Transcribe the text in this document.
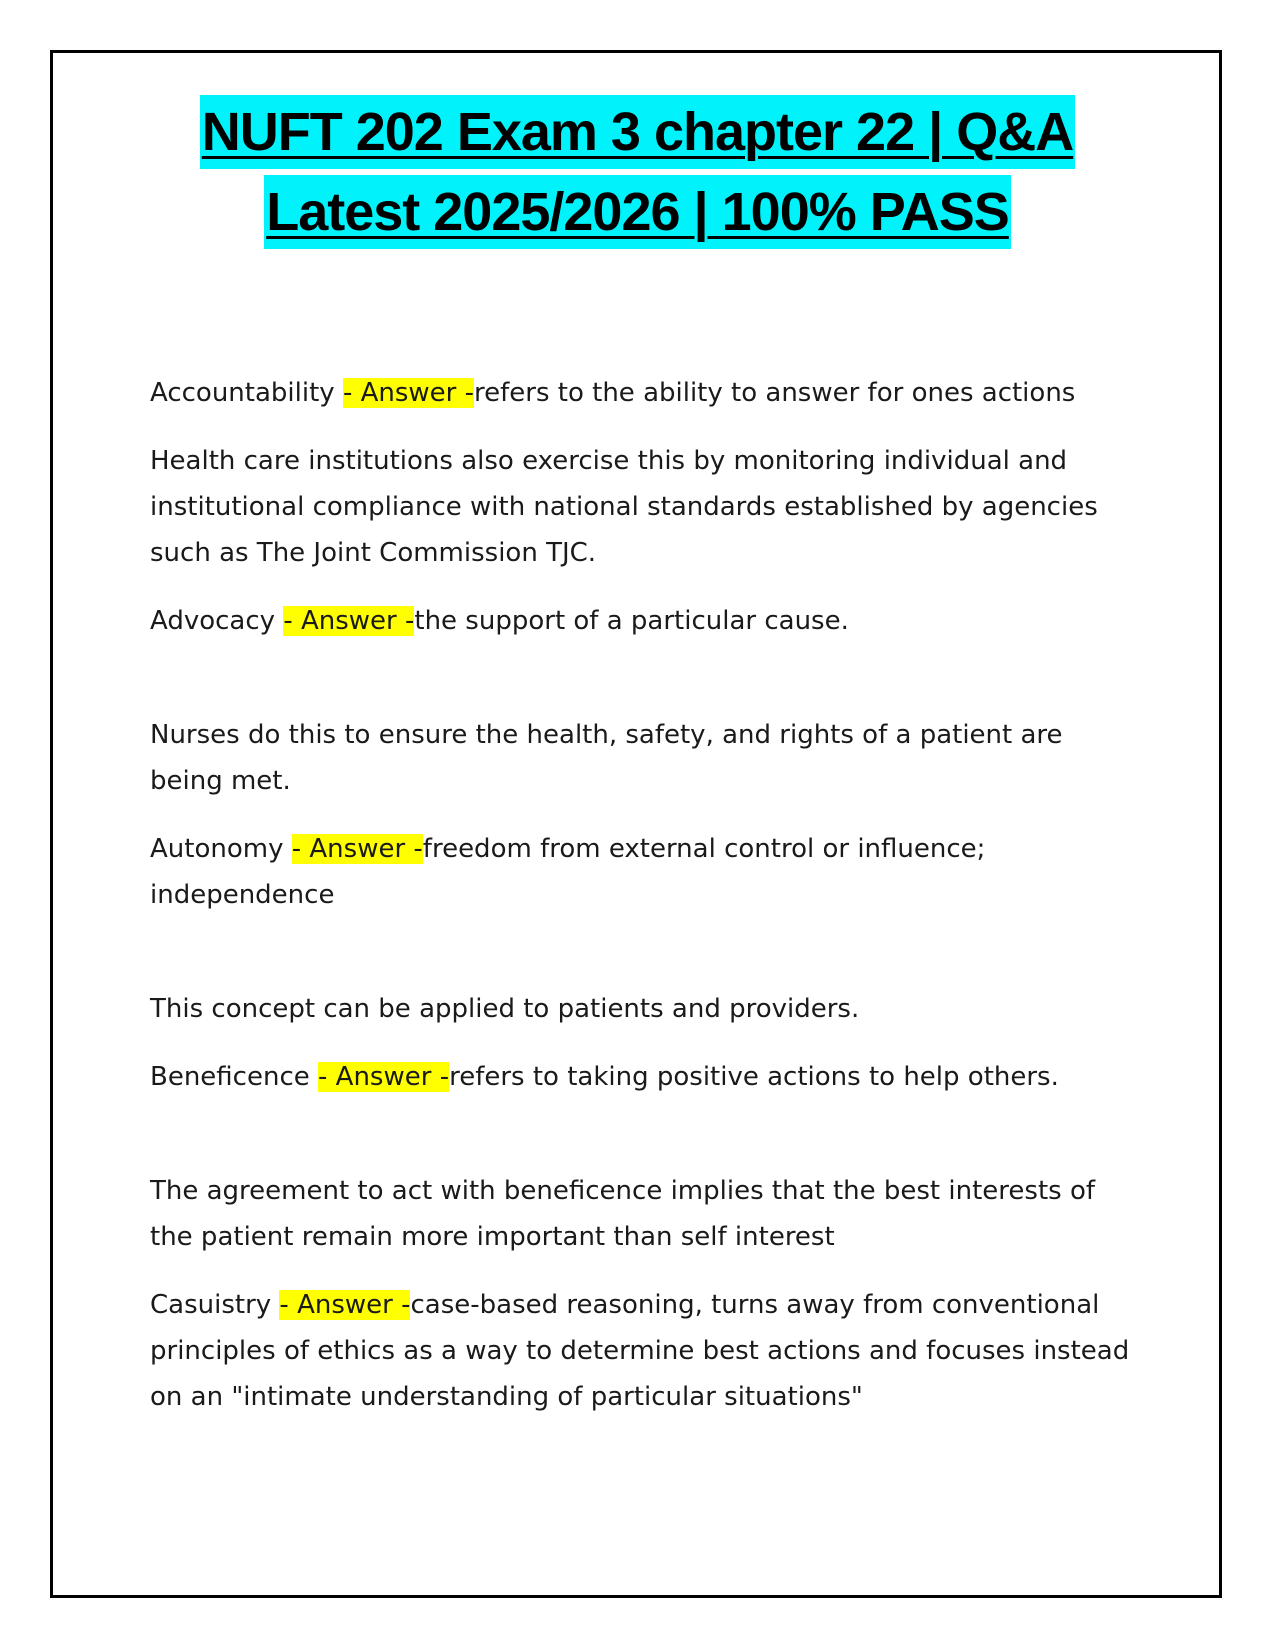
NUFT 202 Exam 3 chapter 22 | Q&A
Latest 2025/2026 | 100% PASS

Accountability - Answer -refers to the ability to answer for ones actions

Health care institutions also exercise this by monitoring individual and institutional compliance with national standards established by agencies such as The Joint Commission TJC.

Advocacy - Answer -the support of a particular cause.

Nurses do this to ensure the health, safety, and rights of a patient are being met.

Autonomy - Answer -freedom from external control or influence; independence

This concept can be applied to patients and providers.

Beneficence - Answer -refers to taking positive actions to help others.

The agreement to act with beneficence implies that the best interests of the patient remain more important than self interest

Casuistry - Answer -case-based reasoning, turns away from conventional principles of ethics as a way to determine best actions and focuses instead on an "intimate understanding of particular situations"
